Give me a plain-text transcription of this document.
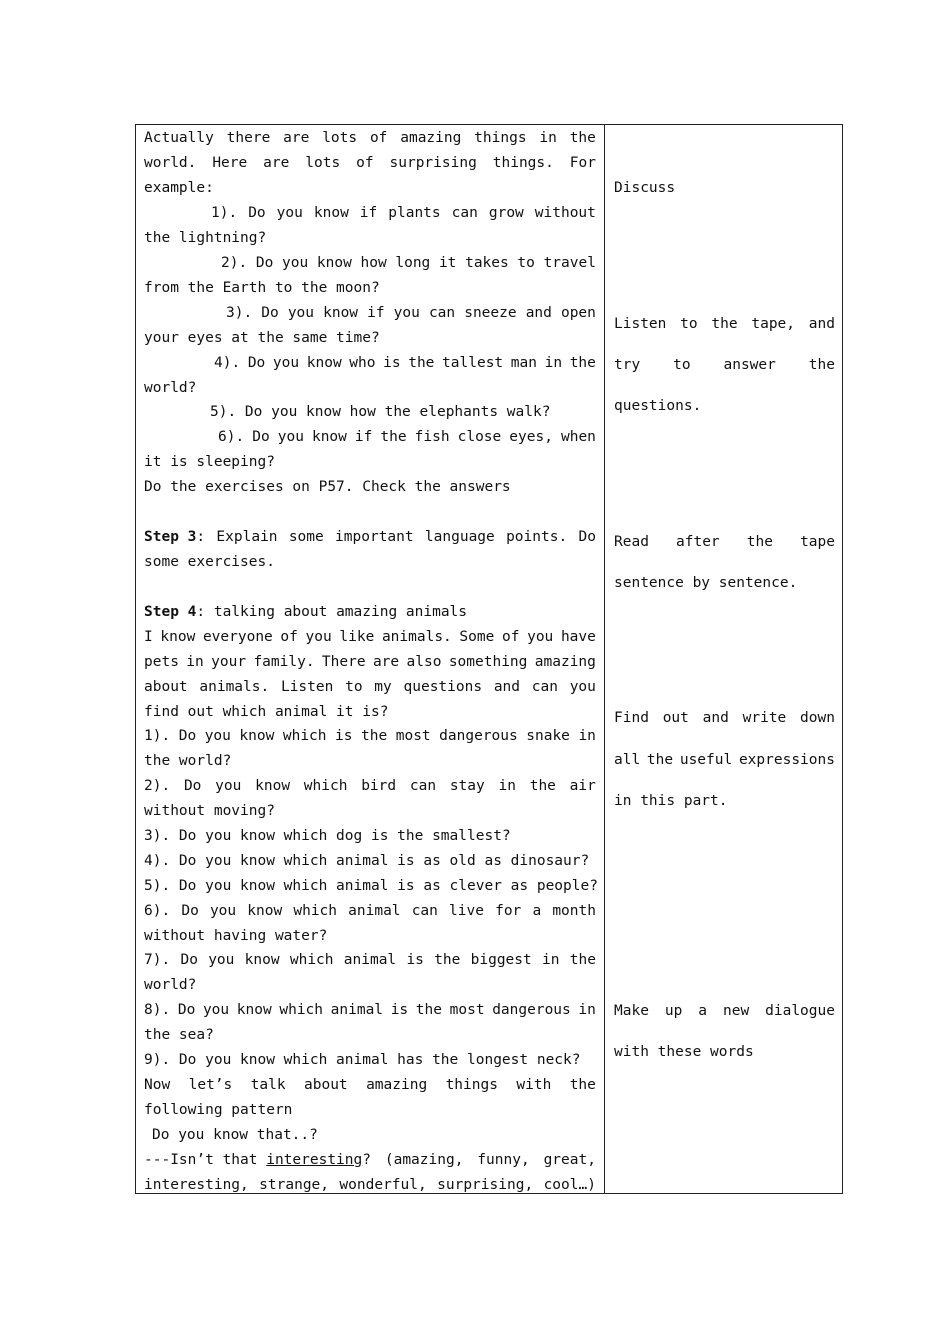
Actually there are lots of amazing things in the
world. Here are lots of surprising things. For
example:
1). Do you know if plants can grow without
the lightning?
2). Do you know how long it takes to travel
from the Earth to the moon?
3). Do you know if you can sneeze and open
your eyes at the same time?
4). Do you know who is the tallest man in the
world?
5). Do you know how the elephants walk?
6). Do you know if the fish close eyes, when
it is sleeping?
Do the exercises on P57. Check the answers
Step 3 : Explain some important language points. Do
some exercises.
Step 4: talking about amazing animals
I know everyone of you like animals. Some of you have
pets in your family. There are also something amazing
about animals. Listen to my questions and can you
find out which animal it is?
1). Do you know which is the most dangerous snake in
the world?
2). Do you know which bird can stay in the air
without moving?
3). Do you know which dog is the smallest?
4). Do you know which animal is as old as dinosaur?
5). Do you know which animal is as clever as people?
6). Do you know which animal can live for a month
without having water?
7). Do you know which animal is the biggest in the
world?
8). Do you know which animal is the most dangerous in
the sea?
9). Do you know which animal has the longest neck?
Now let’s talk about amazing things with the
following pattern
Do you know that..?
---Isn’t that interesting ? (amazing, funny, great,
interesting, strange, wonderful, surprising, cool…)
Discuss
Listen to the tape, and
try to answer the
questions.
Read after the tape
sentence by sentence.
Find out and write down
all the useful expressions
in this part.
Make up a new dialogue
with these words
